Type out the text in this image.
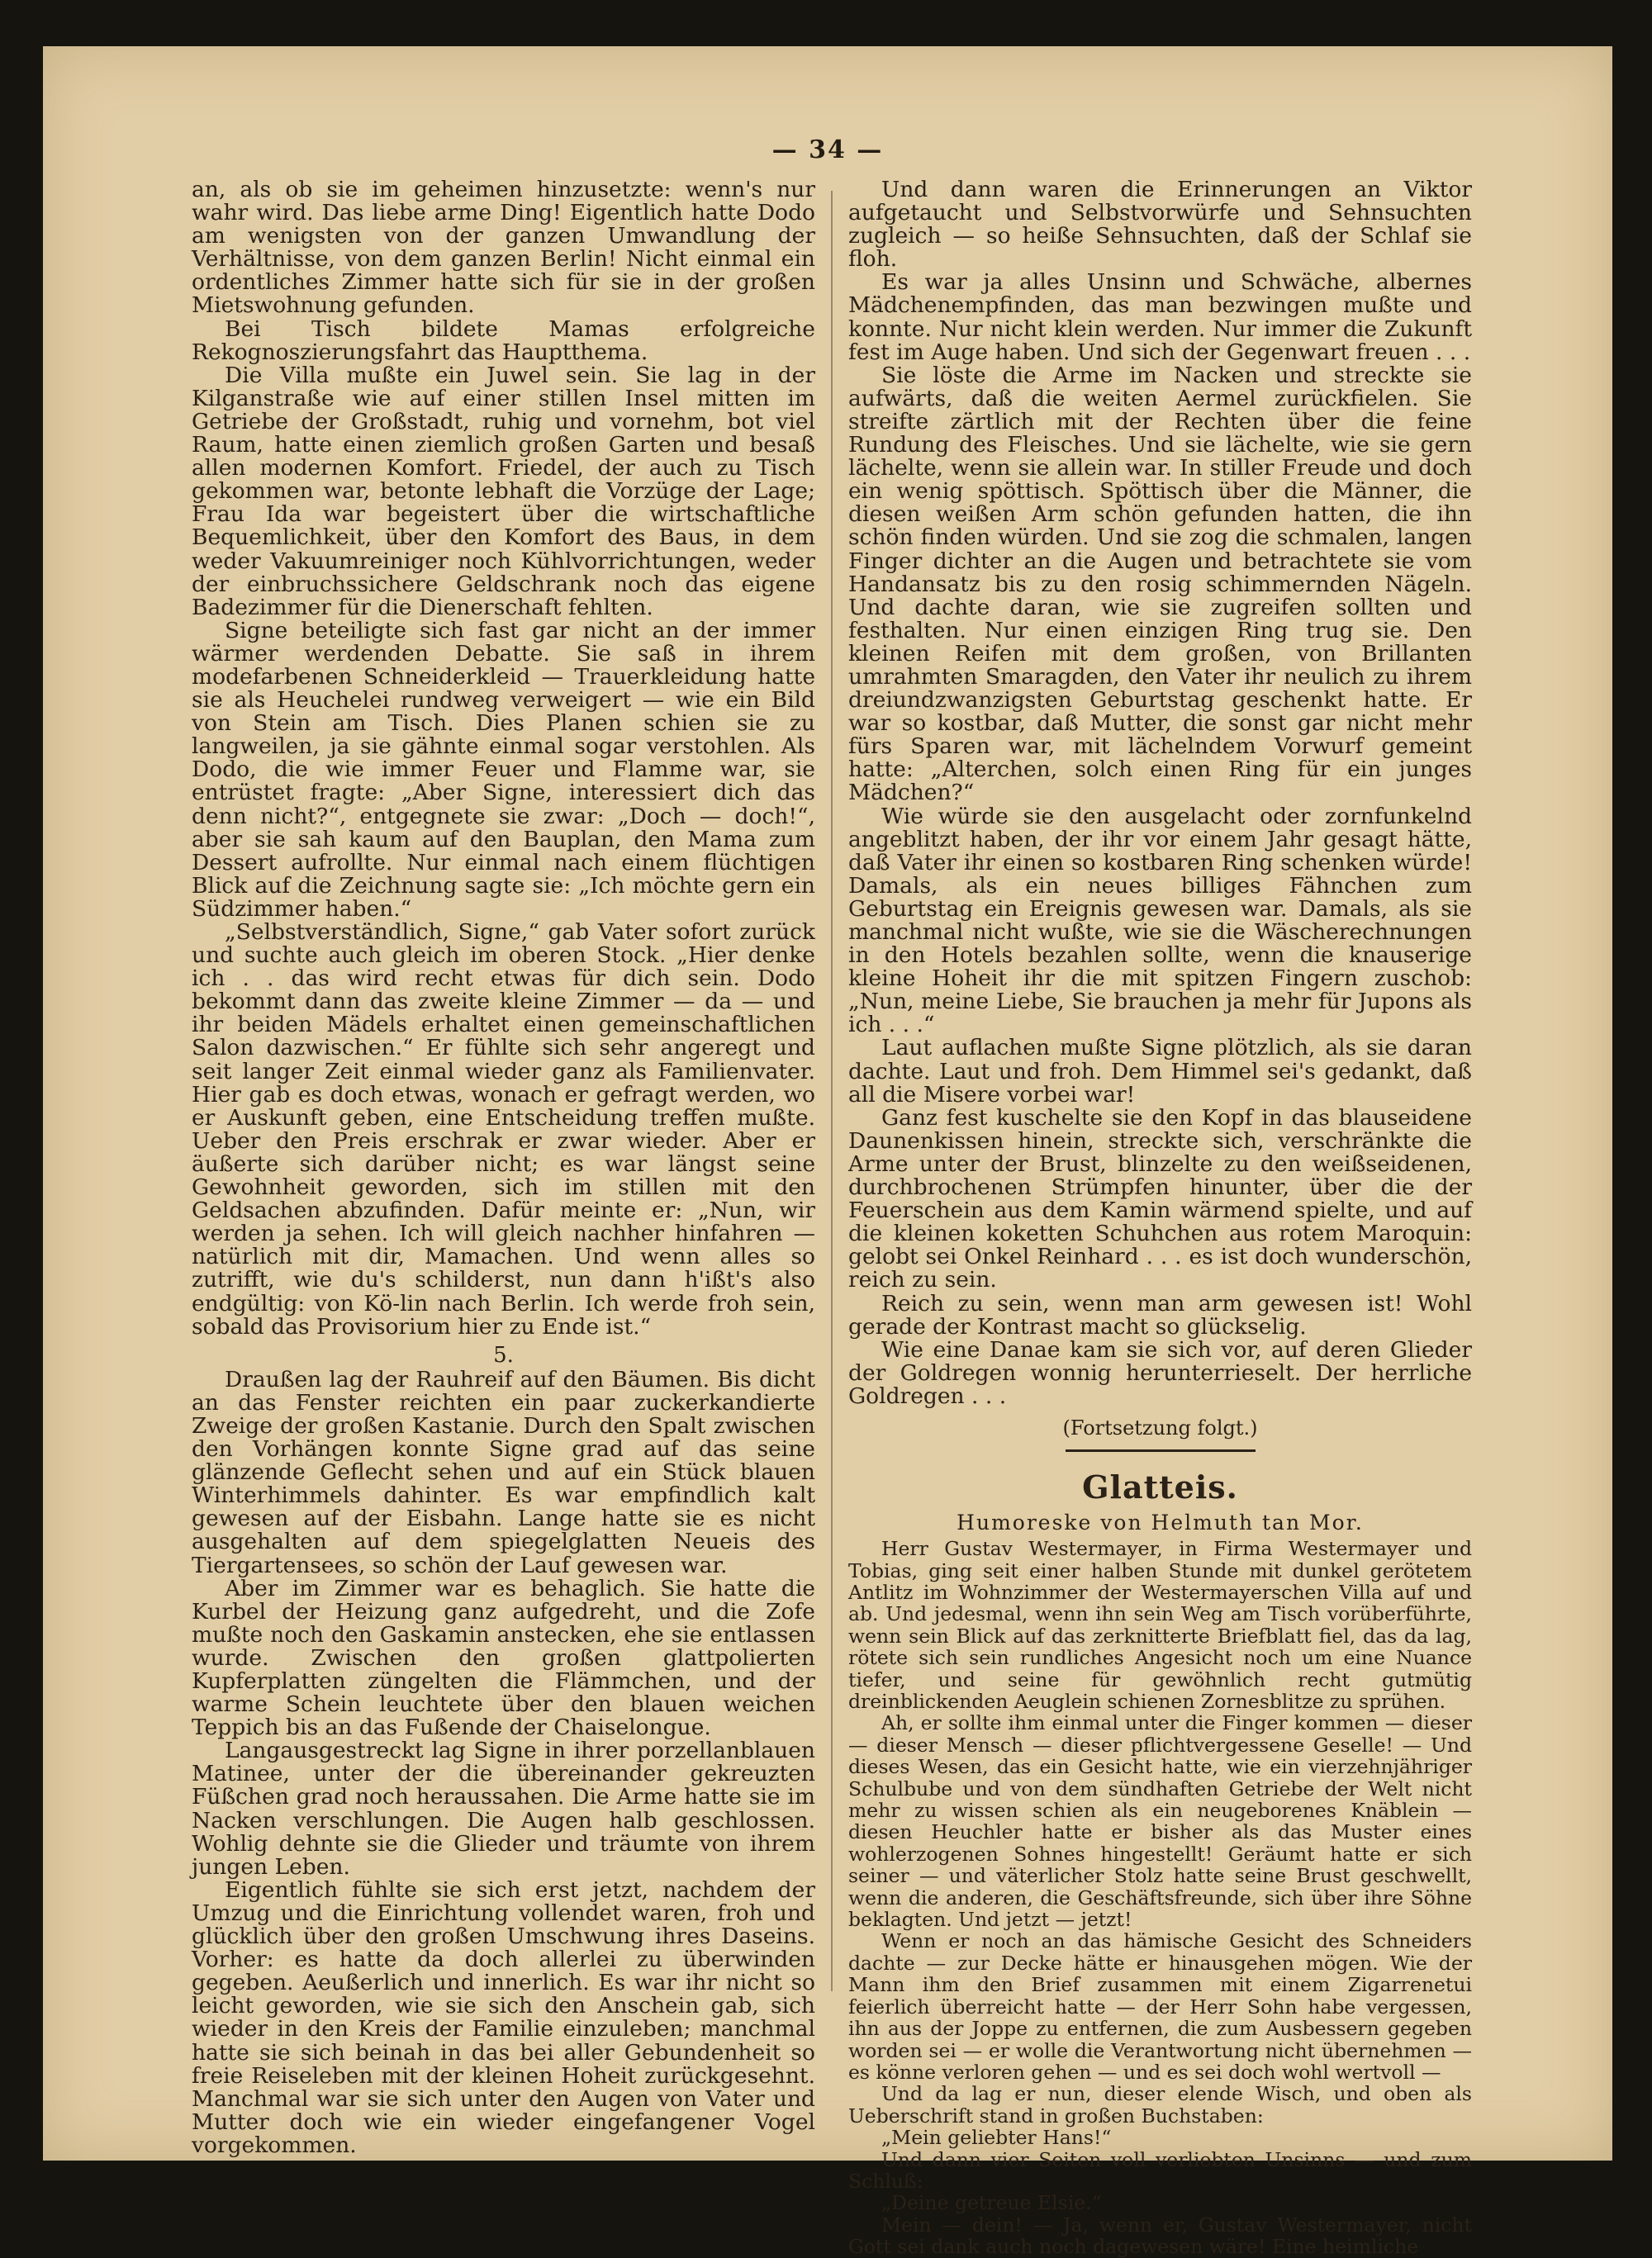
— 34 —

an, als ob sie im geheimen hinzusetzte: wenn's nur wahr wird. Das liebe arme Ding! Eigentlich hatte Dodo am wenigsten von der ganzen Umwandlung der Verhältnisse, von dem ganzen Berlin! Nicht einmal ein ordentliches Zimmer hatte sich für sie in der großen Mietswohnung gefunden.

Bei Tisch bildete Mamas erfolgreiche Rekognoszierungsfahrt das Hauptthema.

Die Villa mußte ein Juwel sein. Sie lag in der Kilganstraße wie auf einer stillen Insel mitten im Getriebe der Großstadt, ruhig und vornehm, bot viel Raum, hatte einen ziemlich großen Garten und besaß allen modernen Komfort. Friedel, der auch zu Tisch gekommen war, betonte lebhaft die Vorzüge der Lage; Frau Ida war begeistert über die wirtschaftliche Bequemlichkeit, über den Komfort des Baus, in dem weder Vakuumreiniger noch Kühlvorrichtungen, weder der einbruchssichere Geldschrank noch das eigene Badezimmer für die Dienerschaft fehlten.

Signe beteiligte sich fast gar nicht an der immer wärmer werdenden Debatte. Sie saß in ihrem modefarbenen Schneiderkleid — Trauerkleidung hatte sie als Heuchelei rundweg verweigert — wie ein Bild von Stein am Tisch. Dies Planen schien sie zu langweilen, ja sie gähnte einmal sogar verstohlen. Als Dodo, die wie immer Feuer und Flamme war, sie entrüstet fragte: „Aber Signe, interessiert dich das denn nicht?“, entgegnete sie zwar: „Doch — doch!“, aber sie sah kaum auf den Bauplan, den Mama zum Dessert aufrollte. Nur einmal nach einem flüchtigen Blick auf die Zeichnung sagte sie: „Ich möchte gern ein Südzimmer haben.“

„Selbstverständlich, Signe,“ gab Vater sofort zurück und suchte auch gleich im oberen Stock. „Hier denke ich . . das wird recht etwas für dich sein. Dodo bekommt dann das zweite kleine Zimmer — da — und ihr beiden Mädels erhaltet einen gemeinschaftlichen Salon dazwischen.“ Er fühlte sich sehr angeregt und seit langer Zeit einmal wieder ganz als Familienvater. Hier gab es doch etwas, wonach er gefragt werden, wo er Auskunft geben, eine Entscheidung treffen mußte. Ueber den Preis erschrak er zwar wieder. Aber er äußerte sich darüber nicht; es war längst seine Gewohnheit geworden, sich im stillen mit den Geldsachen abzufinden. Dafür meinte er: „Nun, wir werden ja sehen. Ich will gleich nachher hinfahren — natürlich mit dir, Mamachen. Und wenn alles so zutrifft, wie du's schilderst, nun dann h'ißt's also endgültig: von Kö-lin nach Berlin. Ich werde froh sein, sobald das Provisorium hier zu Ende ist.“

5.

Draußen lag der Rauhreif auf den Bäumen. Bis dicht an das Fenster reichten ein paar zuckerkandierte Zweige der großen Kastanie. Durch den Spalt zwischen den Vorhängen konnte Signe grad auf das seine glänzende Geflecht sehen und auf ein Stück blauen Winterhimmels dahinter. Es war empfindlich kalt gewesen auf der Eisbahn. Lange hatte sie es nicht ausgehalten auf dem spiegelglatten Neueis des Tiergartensees, so schön der Lauf gewesen war.

Aber im Zimmer war es behaglich. Sie hatte die Kurbel der Heizung ganz aufgedreht, und die Zofe mußte noch den Gaskamin anstecken, ehe sie entlassen wurde. Zwischen den großen glattpolierten Kupferplatten züngelten die Flämmchen, und der warme Schein leuchtete über den blauen weichen Teppich bis an das Fußende der Chaiselongue.

Langausgestreckt lag Signe in ihrer porzellanblauen Matinee, unter der die übereinander gekreuzten Füßchen grad noch heraussahen. Die Arme hatte sie im Nacken verschlungen. Die Augen halb geschlossen. Wohlig dehnte sie die Glieder und träumte von ihrem jungen Leben.

Eigentlich fühlte sie sich erst jetzt, nachdem der Umzug und die Einrichtung vollendet waren, froh und glücklich über den großen Umschwung ihres Daseins. Vorher: es hatte da doch allerlei zu überwinden gegeben. Aeußerlich und innerlich. Es war ihr nicht so leicht geworden, wie sie sich den Anschein gab, sich wieder in den Kreis der Familie einzuleben; manchmal hatte sie sich beinah in das bei aller Gebundenheit so freie Reiseleben mit der kleinen Hoheit zurückgesehnt. Manchmal war sie sich unter den Augen von Vater und Mutter doch wie ein wieder eingefangener Vogel vorgekommen.

Und dann waren die Erinnerungen an Viktor aufgetaucht und Selbstvorwürfe und Sehnsuchten zugleich — so heiße Sehnsuchten, daß der Schlaf sie floh.

Es war ja alles Unsinn und Schwäche, albernes Mädchenempfinden, das man bezwingen mußte und konnte. Nur nicht klein werden. Nur immer die Zukunft fest im Auge haben. Und sich der Gegenwart freuen . . .

Sie löste die Arme im Nacken und streckte sie aufwärts, daß die weiten Aermel zurückfielen. Sie streifte zärtlich mit der Rechten über die feine Rundung des Fleisches. Und sie lächelte, wie sie gern lächelte, wenn sie allein war. In stiller Freude und doch ein wenig spöttisch. Spöttisch über die Männer, die diesen weißen Arm schön gefunden hatten, die ihn schön finden würden. Und sie zog die schmalen, langen Finger dichter an die Augen und betrachtete sie vom Handansatz bis zu den rosig schimmernden Nägeln. Und dachte daran, wie sie zugreifen sollten und festhalten. Nur einen einzigen Ring trug sie. Den kleinen Reifen mit dem großen, von Brillanten umrahmten Smaragden, den Vater ihr neulich zu ihrem dreiundzwanzigsten Geburtstag geschenkt hatte. Er war so kostbar, daß Mutter, die sonst gar nicht mehr fürs Sparen war, mit lächelndem Vorwurf gemeint hatte: „Alterchen, solch einen Ring für ein junges Mädchen?“

Wie würde sie den ausgelacht oder zornfunkelnd angeblitzt haben, der ihr vor einem Jahr gesagt hätte, daß Vater ihr einen so kostbaren Ring schenken würde! Damals, als ein neues billiges Fähnchen zum Geburtstag ein Ereignis gewesen war. Damals, als sie manchmal nicht wußte, wie sie die Wäscherechnungen in den Hotels bezahlen sollte, wenn die knauserige kleine Hoheit ihr die mit spitzen Fingern zuschob: „Nun, meine Liebe, Sie brauchen ja mehr für Jupons als ich . . .“

Laut auflachen mußte Signe plötzlich, als sie daran dachte. Laut und froh. Dem Himmel sei's gedankt, daß all die Misere vorbei war!

Ganz fest kuschelte sie den Kopf in das blauseidene Daunenkissen hinein, streckte sich, verschränkte die Arme unter der Brust, blinzelte zu den weißseidenen, durchbrochenen Strümpfen hinunter, über die der Feuerschein aus dem Kamin wärmend spielte, und auf die kleinen koketten Schuhchen aus rotem Maroquin: gelobt sei Onkel Reinhard . . . es ist doch wunderschön, reich zu sein.

Reich zu sein, wenn man arm gewesen ist! Wohl gerade der Kontrast macht so glückselig.

Wie eine Danae kam sie sich vor, auf deren Glieder der Goldregen wonnig herunterrieselt. Der herrliche Goldregen . . .

(Fortsetzung folgt.)

Glatteis.

Humoreske von Helmuth tan Mor.

Herr Gustav Westermayer, in Firma Westermayer und Tobias, ging seit einer halben Stunde mit dunkel gerötetem Antlitz im Wohnzimmer der Westermayerschen Villa auf und ab. Und jedesmal, wenn ihn sein Weg am Tisch vorüberführte, wenn sein Blick auf das zerknitterte Briefblatt fiel, das da lag, rötete sich sein rundliches Angesicht noch um eine Nuance tiefer, und seine für gewöhnlich recht gutmütig dreinblickenden Aeuglein schienen Zornesblitze zu sprühen.

Ah, er sollte ihm einmal unter die Finger kommen — dieser — dieser Mensch — dieser pflichtvergessene Geselle! — Und dieses Wesen, das ein Gesicht hatte, wie ein vierzehnjähriger Schulbube und von dem sündhaften Getriebe der Welt nicht mehr zu wissen schien als ein neugeborenes Knäblein — diesen Heuchler hatte er bisher als das Muster eines wohlerzogenen Sohnes hingestellt! Geräumt hatte er sich seiner — und väterlicher Stolz hatte seine Brust geschwellt, wenn die anderen, die Geschäftsfreunde, sich über ihre Söhne beklagten. Und jetzt — jetzt!

Wenn er noch an das hämische Gesicht des Schneiders dachte — zur Decke hätte er hinausgehen mögen. Wie der Mann ihm den Brief zusammen mit einem Zigarrenetui feierlich überreicht hatte — der Herr Sohn habe vergessen, ihn aus der Joppe zu entfernen, die zum Ausbessern gegeben worden sei — er wolle die Verantwortung nicht übernehmen — es könne verloren gehen — und es sei doch wohl wertvoll —

Und da lag er nun, dieser elende Wisch, und oben als Ueberschrift stand in großen Buchstaben:

„Mein geliebter Hans!“

Und dann vier Seiten voll verliebten Unsinns — und zum Schluß:

„Deine getreue Elsie.“

Mein — dein! — Ja, wenn er, Gustav Westermayer, nicht Gott sei dank auch noch dagewesen wäre! Eine heimliche
